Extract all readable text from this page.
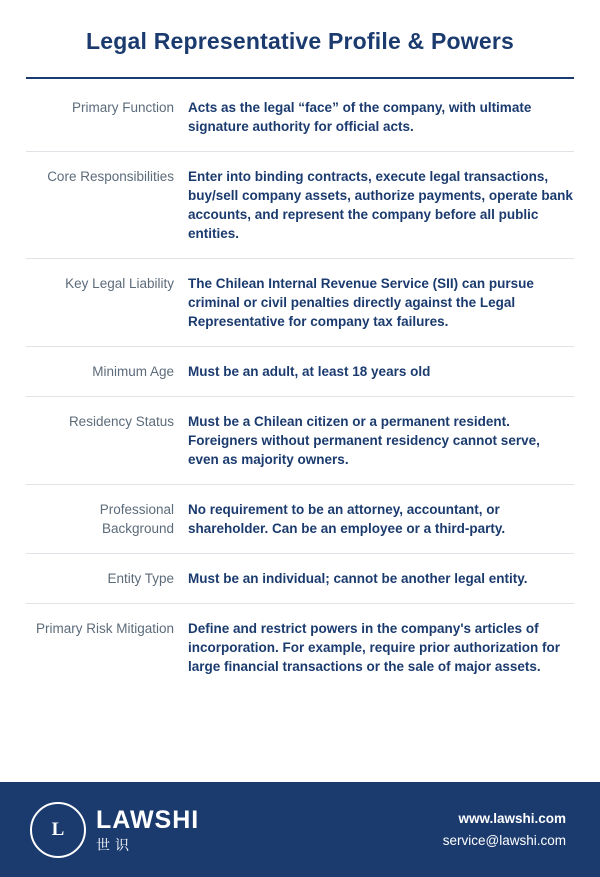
Legal Representative Profile & Powers
Primary Function	Acts as the legal “face” of the company, with ultimate signature authority for official acts.
Core Responsibilities	Enter into binding contracts, execute legal transactions, buy/sell company assets, authorize payments, operate bank accounts, and represent the company before all public entities.
Key Legal Liability	The Chilean Internal Revenue Service (SII) can pursue criminal or civil penalties directly against the Legal Representative for company tax failures.
Minimum Age	Must be an adult, at least 18 years old
Residency Status	Must be a Chilean citizen or a permanent resident. Foreigners without permanent residency cannot serve, even as majority owners.
Professional Background	No requirement to be an attorney, accountant, or shareholder. Can be an employee or a third-party.
Entity Type	Must be an individual; cannot be another legal entity.
Primary Risk Mitigation	Define and restrict powers in the company's articles of incorporation. For example, require prior authorization for large financial transactions or the sale of major assets.
L	LAWSHI
世识
www.lawshi.com
service@lawshi.com
